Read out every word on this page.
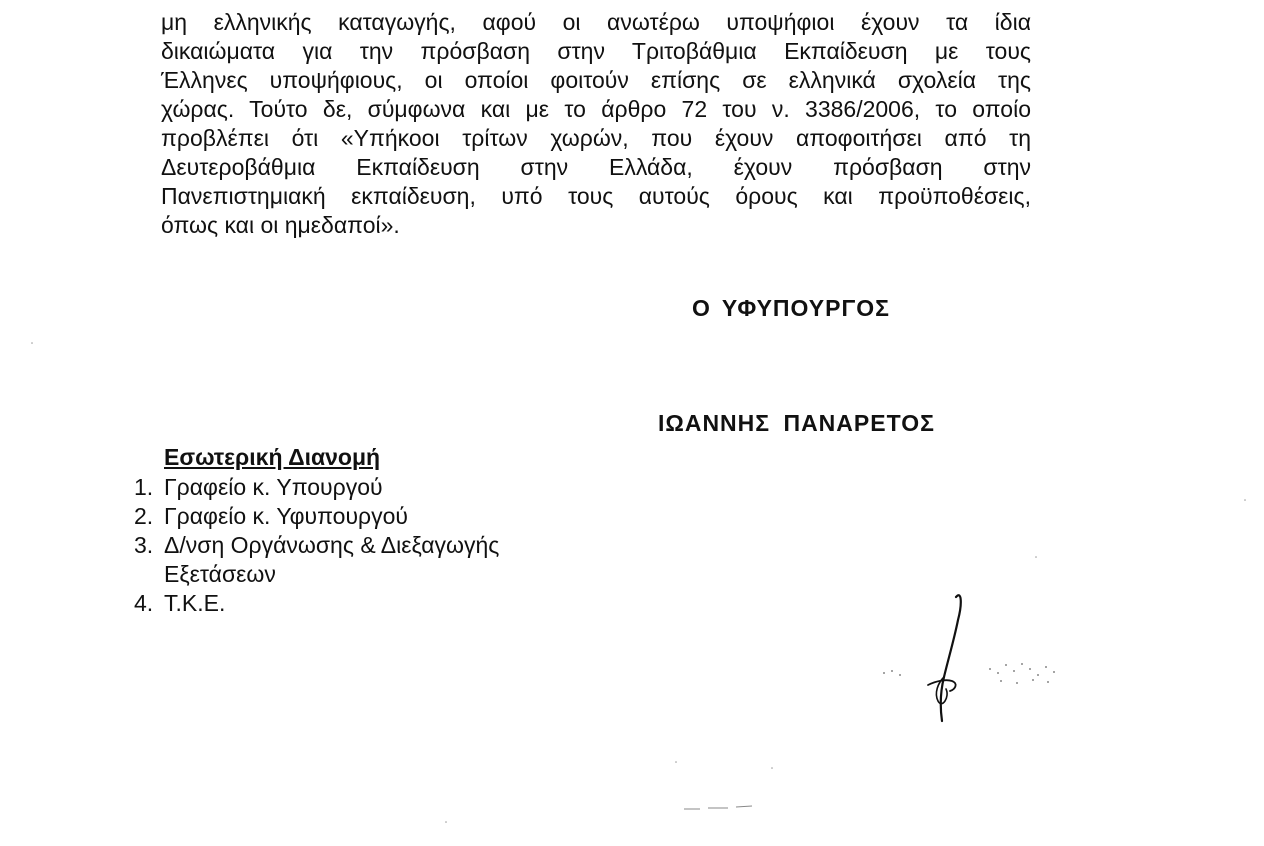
μη ελληνικής καταγωγής, αφού οι ανωτέρω υποψήφιοι έχουν τα ίδια
δικαιώματα για την πρόσβαση στην Τριτοβάθμια Εκπαίδευση με τους
Έλληνες υποψήφιους, οι οποίοι φοιτούν επίσης σε ελληνικά σχολεία της
χώρας. Τούτο δε, σύμφωνα και με το άρθρο 72 του ν. 3386/2006, το οποίο
προβλέπει ότι «Υπήκοοι τρίτων χωρών, που έχουν αποφοιτήσει από τη
Δευτεροβάθμια Εκπαίδευση στην Ελλάδα, έχουν πρόσβαση στην
Πανεπιστημιακή εκπαίδευση, υπό τους αυτούς όρους και προϋποθέσεις,
όπως και οι ημεδαποί».
Ο ΥΦΥΠΟΥΡΓΟΣ
ΙΩΑΝΝΗΣ ΠΑΝΑΡΕΤΟΣ
Εσωτερική Διανομή
1. Γραφείο κ. Υπουργού
2. Γραφείο κ. Υφυπουργού
3. Δ/νση Οργάνωσης & Διεξαγωγής Εξετάσεων
4. Τ.Κ.Ε.
